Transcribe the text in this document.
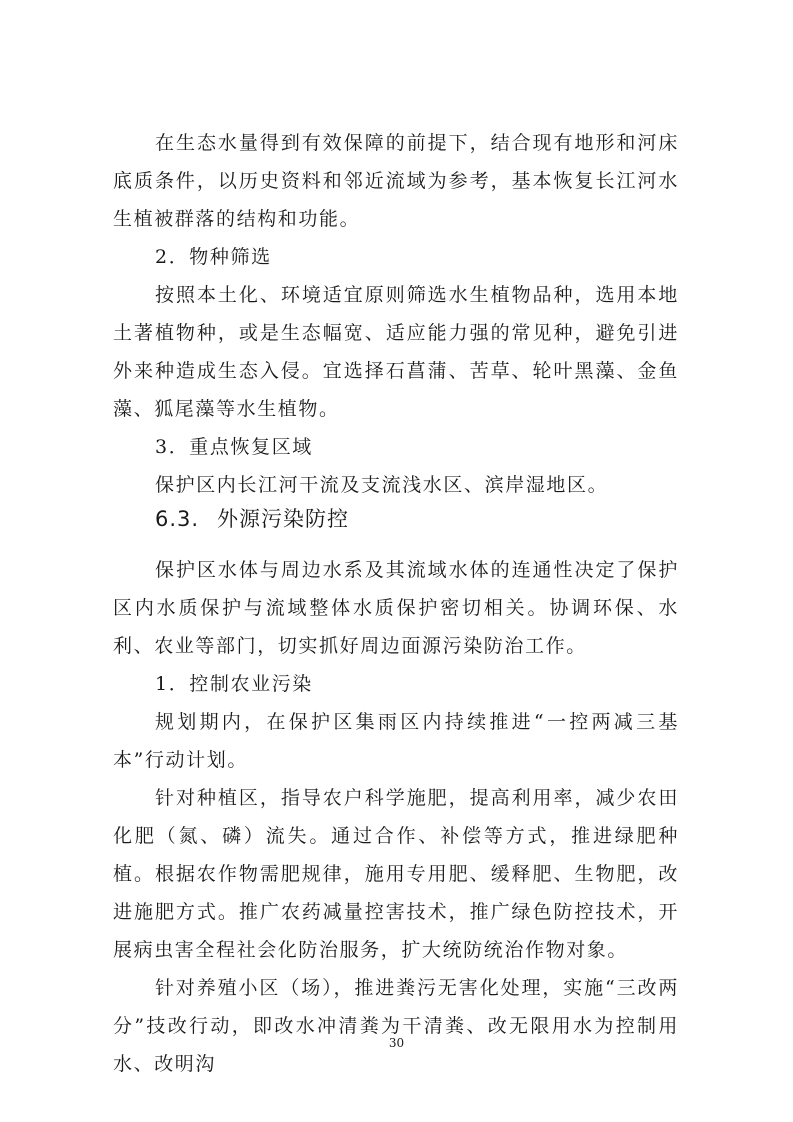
在生态水量得到有效保障的前提下，结合现有地形和河床底质条件，以历史资料和邻近流域为参考，基本恢复长江河水生植被群落的结构和功能。

2．物种筛选

按照本土化、环境适宜原则筛选水生植物品种，选用本地土著植物种，或是生态幅宽、适应能力强的常见种，避免引进外来种造成生态入侵。宜选择石菖蒲、苦草、轮叶黑藻、金鱼藻、狐尾藻等水生植物。

3．重点恢复区域

保护区内长江河干流及支流浅水区、滨岸湿地区。

6.3. 外源污染防控

保护区水体与周边水系及其流域水体的连通性决定了保护区内水质保护与流域整体水质保护密切相关。协调环保、水利、农业等部门，切实抓好周边面源污染防治工作。

1．控制农业污染

规划期内，在保护区集雨区内持续推进“一控两减三基本”行动计划。

针对种植区，指导农户科学施肥，提高利用率，减少农田化肥（氮、磷）流失。通过合作、补偿等方式，推进绿肥种植。根据农作物需肥规律，施用专用肥、缓释肥、生物肥，改进施肥方式。推广农药减量控害技术，推广绿色防控技术，开展病虫害全程社会化防治服务，扩大统防统治作物对象。

针对养殖小区（场），推进粪污无害化处理，实施“三改两分”技改行动，即改水冲清粪为干清粪、改无限用水为控制用水、改明沟

30
